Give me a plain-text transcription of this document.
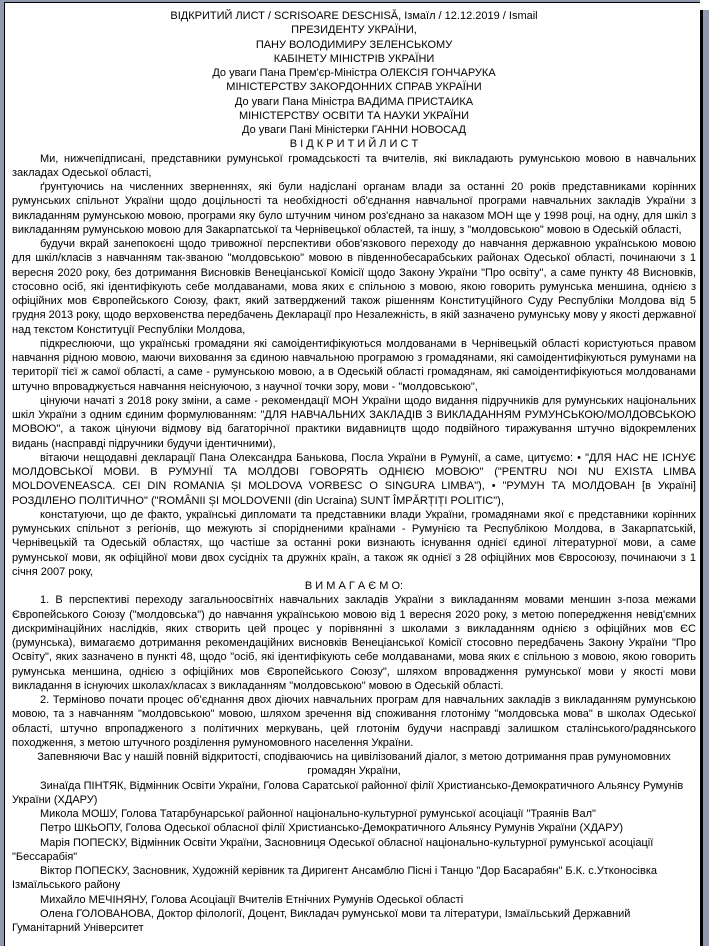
ВІДКРИТИЙ ЛИСТ / SCRISOARE DESCHISĂ, Ізмаїл / 12.12.2019 / Ismail
ПРЕЗИДЕНТУ УКРАЇНИ,
ПАНУ ВОЛОДИМИРУ ЗЕЛЕНСЬКОМУ
КАБІНЕТУ МІНІСТРІВ УКРАЇНИ
До уваги Пана Прем'єр-Міністра ОЛЕКСІЯ ГОНЧАРУКА
МІНІСТЕРСТВУ ЗАКОРДОННИХ СПРАВ УКРАЇНИ
До уваги Пана Міністра ВАДИМА ПРИСТАИКА
МІНІСТЕРСТВУ ОСВІТИ ТА НАУКИ УКРАЇНИ
До уваги Пані Міністерки ГАННИ НОВОСАД
В І Д К Р И Т И Й Л И С Т

Ми, нижчепідписані, представники румунської громадськості та вчителів, які викладають румунською мовою в навчальних закладах Одеської області,

ґрунтуючись на численних зверненнях, які були надіслані органам влади за останні 20 років представниками корінних румунських спільнот України щодо доцільності та необхідності об'єднання навчальної програми навчальних закладів України з викладанням румунською мовою, програми яку було штучним чином роз'єднано за наказом МОН ще у 1998 році, на одну, для шкіл з викладанням румунською мовою для Закарпатської та Чернівецької областей, та іншу, з "молдовською" мовою в Одеській області,

будучи вкрай занепокоєні щодо тривожної перспективи обов'язкового переходу до навчання державною українською мовою для шкіл/класів з навчанням так-званою "молдовською" мовою в південнобесарабських районах Одеської області, починаючи з 1 вересня 2020 року, без дотримання Висновків Венеціанської Комісії щодо Закону України "Про освіту", а саме пункту 48 Висновків, стосовно осіб, які ідентифікують себе молдаванами, мова яких є спільною з мовою, якою говорить румунська меншина, однією з офіційних мов Європейського Союзу, факт, який затверджений також рішенням Конституційного Суду Республіки Молдова від 5 грудня 2013 року, щодо верховенства передбачень Декларації про Незалежність, в якій зазначено румунську мову у якості державної над текстом Конституції Республіки Молдова,

підкреслюючи, що українські громадяни які самоідентифікуються молдованами в Чернівецькій області користуються правом навчання рідною мовою, маючи виховання за єдиною навчальною програмою з громадянами, які самоідентифікуються румунами на території тієї ж самої області, а саме - румунською мовою, а в Одеській області громадянам, які самоідентифікуються молдованами штучно впроваджується навчання неіснуючою, з научної точки зору, мови - "молдовською",

цінуючи начаті з 2018 року зміни, а саме - рекомендації МОН України щодо видання підручників для румунських національних шкіл України з одним єдиним формулюванням: "ДЛЯ НАВЧАЛЬНИХ ЗАКЛАДІВ З ВИКЛАДАННЯМ РУМУНСЬКОЮ/МОЛДОВСЬКОЮ МОВОЮ", а також цінуючи відмову від багаторічної практики видавництв щодо подвійного тиражування штучно відокремлених видань (насправді підручники будучи ідентичними),

вітаючи нещодавні декларації Пана Олександра Банькова, Посла України в Румунії, а саме, цитуємо: • "ДЛЯ НАС НЕ ІСНУЄ МОЛДОВСЬКОЇ МОВИ. В РУМУНІЇ ТА МОЛДОВІ ГОВОРЯТЬ ОДНІЄЮ МОВОЮ" ("PENTRU NOI NU EXISTA LIMBA MOLDOVENEASCA. CEI DIN ROMANIA ȘI MOLDOVA VORBESC O SINGURA LIMBA"), • "РУМУН ТА МОЛДОВАН [в Україні] РОЗДІЛЕНО ПОЛІТИЧНО" ("ROMÂNII ȘI MOLDOVENII (din Ucraina) SUNT ÎMPĂRȚIȚI POLITIC"),

констатуючи, що де факто, українські дипломати та представники влади України, громадянами якої є представники корінних румунських спільнот з регіонів, що межують зі спорідненими країнами - Румунією та Республікою Молдова, в Закарпатській, Чернівецькій та Одеській областях, що частіше за останні роки визнають існування однієї єдиної літературної мови, а саме румунської мови, як офіційної мови двох сусідніх та дружніх країн, а також як однієї з 28 офіційних мов Євросоюзу, починаючи з 1 січня 2007 року,

В И М А Г А Є М О:

1. В перспективі переходу загальноосвітніх навчальних закладів України з викладанням мовами меншин з-поза межами Європейського Союзу ("молдовська") до навчання українською мовою від 1 вересня 2020 року, з метою попередження невід'ємних дискримінаційних наслідків, яких створить цей процес у порівнянні з школами з викладанням однією з офіційних мов ЄС (румунська), вимагаємо дотримання рекомендаційних висновків Венеціанської Комісії стосовно передбачень Закону України "Про Освіту", яких зазначено в пункті 48, щодо "осіб, які ідентифікують себе молдаванами, мова яких є спільною з мовою, якою говорить румунська меншина, однією з офіційних мов Європейського Союзу", шляхом впровадження румунської мови у якості мови викладання в існуючих школах/класах з викладанням "молдовською" мовою в Одеській області.

2. Терміново почати процес об'єднання двох діючих навчальних програм для навчальних закладів з викладанням румунською мовою, та з навчанням "молдовською" мовою, шляхом зречення від споживання глотоніму "молдовська мова" в школах Одеської області, штучно впропадженого з політичних меркувань, цей глотонім будучи насправді залишком сталінського/радянського походження, з метою штучного розділення румуномовного населення України.

Запевняючи Вас у нашій повній відкритості, сподіваючись на цивілізований діалог, з метою дотримання прав румуномовних громадян України,

Зинаїда ПІНТЯК, Відмінник Освіти України, Голова Саратської районної філії Христиансько-Демократичного Альянсу Румунів України (ХДАРУ)

Микола МОШУ, Голова Татарбунарської районної національно-культурної румунської асоціації "Траянів Вал"

Петро ШКЬОПУ, Голова Одеської обласної філії Христиансько-Демократичного Альянсу Румунів України (ХДАРУ)

Марія ПОПЕСКУ, Відмінник Освіти України, Засновниця Одеської обласної національно-культурної румунської асоціації "Бессарабія"

Віктор ПОПЕСКУ, Засновник, Художній керівник та Диригент Ансамблю Пісні і Танцю "Дор Басарабян" Б.К. с.Утконосівка Ізмаїльського району

Михайло МЕЧІНЯНУ, Голова Асоціації Вчителів Етнічних Румунів Одеської області

Олена ГОЛОВАНОВА, Доктор філології, Доцент, Викладач румунської мови та літератури, Ізмаїльський Державний Гуманітарний Університет
